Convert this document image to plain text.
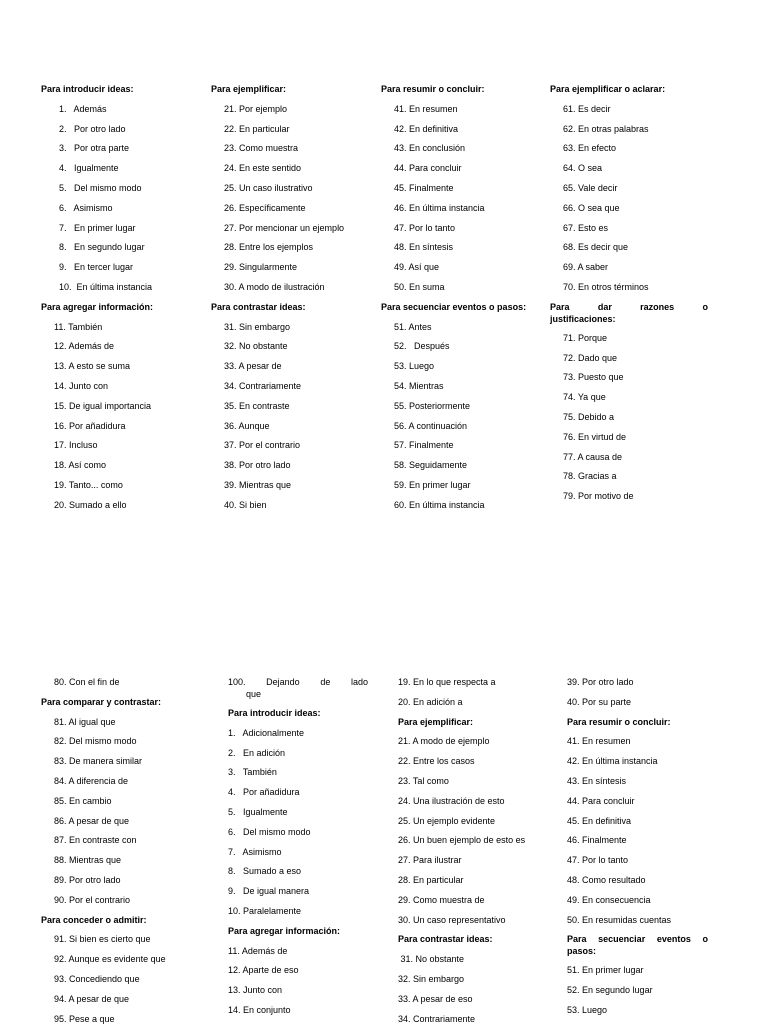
Para introducir ideas:
1.   Además
2.   Por otro lado
3.   Por otra parte
4.   Igualmente
5.   Del mismo modo
6.   Asimismo
7.   En primer lugar
8.   En segundo lugar
9.   En tercer lugar
10.  En última instancia
Para agregar información:
11. También
12. Además de
13. A esto se suma
14. Junto con
15. De igual importancia
16. Por añadidura
17. Incluso
18. Así como
19. Tanto... como
20. Sumado a ello
Para ejemplificar:
21. Por ejemplo
22. En particular
23. Como muestra
24. En este sentido
25. Un caso ilustrativo
26. Específicamente
27. Por mencionar un ejemplo
28. Entre los ejemplos
29. Singularmente
30. A modo de ilustración
Para contrastar ideas:
31. Sin embargo
32. No obstante
33. A pesar de
34. Contrariamente
35. En contraste
36. Aunque
37. Por el contrario
38. Por otro lado
39. Mientras que
40. Si bien
Para resumir o concluir:
41. En resumen
42. En definitiva
43. En conclusión
44. Para concluir
45. Finalmente
46. En última instancia
47. Por lo tanto
48. En síntesis
49. Así que
50. En suma
Para secuenciar eventos o pasos:
51. Antes
52.   Después
53. Luego
54. Mientras
55. Posteriormente
56. A continuación
57. Finalmente
58. Seguidamente
59. En primer lugar
60. En última instancia
Para ejemplificar o aclarar:
61. Es decir
62. En otras palabras
63. En efecto
64. O sea
65. Vale decir
66. O sea que
67. Esto es
68. Es decir que
69. A saber
70. En otros términos
Para dar razones o
justificaciones:
71. Porque
72. Dado que
73. Puesto que
74. Ya que
75. Debido a
76. En virtud de
77. A causa de
78. Gracias a
79. Por motivo de
80. Con el fin de
Para comparar y contrastar:
81. Al igual que
82. Del mismo modo
83. De manera similar
84. A diferencia de
85. En cambio
86. A pesar de que
87. En contraste con
88. Mientras que
89. Por otro lado
90. Por el contrario
Para conceder o admitir:
91. Si bien es cierto que
92. Aunque es evidente que
93. Concediendo que
94. A pesar de que
95. Pese a que
100. Dejando de lado
que
Para introducir ideas:
1.   Adicionalmente
2.   En adición
3.   También
4.   Por añadidura
5.   Igualmente
6.   Del mismo modo
7.   Asimismo
8.   Sumado a eso
9.   De igual manera
10. Paralelamente
Para agregar información:
11. Además de
12. Aparte de eso
13. Junto con
14. En conjunto
19. En lo que respecta a
20. En adición a
Para ejemplificar:
21. A modo de ejemplo
22. Entre los casos
23. Tal como
24. Una ilustración de esto
25. Un ejemplo evidente
26. Un buen ejemplo de esto es
27. Para ilustrar
28. En particular
29. Como muestra de
30. Un caso representativo
Para contrastar ideas:
31. No obstante
32. Sin embargo
33. A pesar de eso
34. Contrariamente
39. Por otro lado
40. Por su parte
Para resumir o concluir:
41. En resumen
42. En última instancia
43. En síntesis
44. Para concluir
45. En definitiva
46. Finalmente
47. Por lo tanto
48. Como resultado
49. En consecuencia
50. En resumidas cuentas
Para secuenciar eventos o
pasos:
51. En primer lugar
52. En segundo lugar
53. Luego
